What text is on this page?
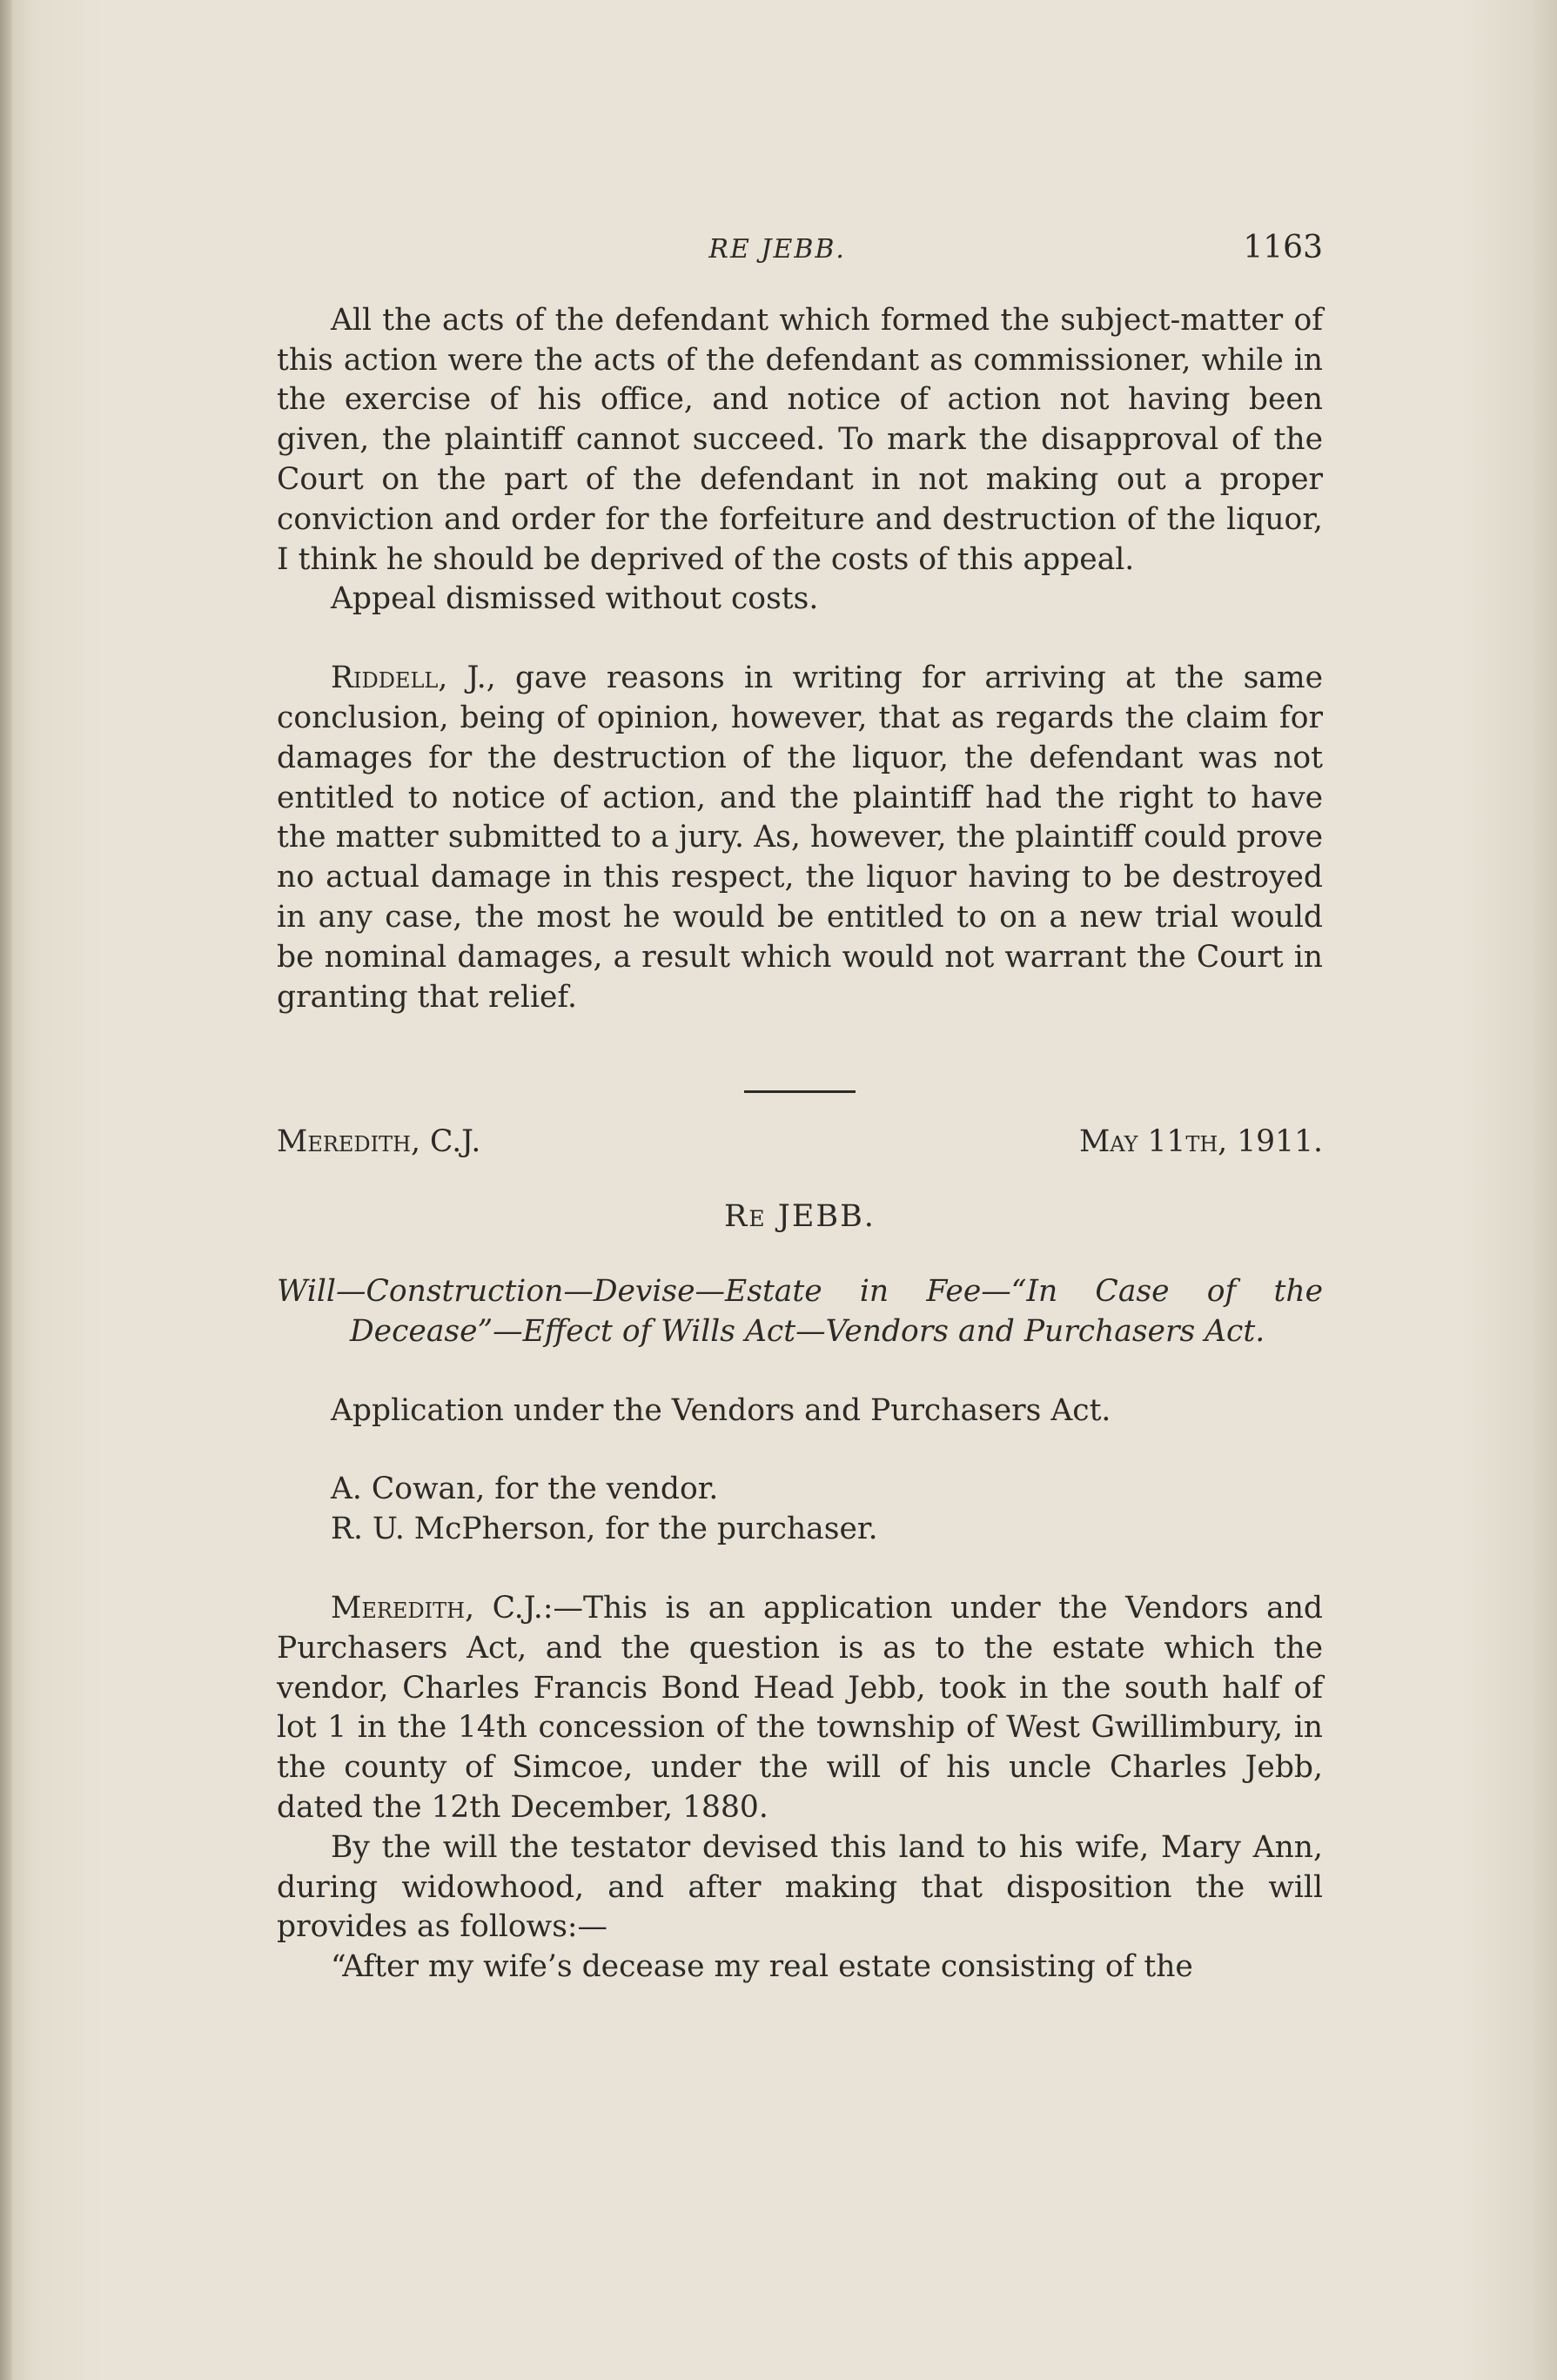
RE JEBB.	1163

All the acts of the defendant which formed the subject-matter of this action were the acts of the defendant as commissioner, while in the exercise of his office, and notice of action not having been given, the plaintiff cannot succeed. To mark the disapproval of the Court on the part of the defendant in not making out a proper conviction and order for the forfeiture and destruction of the liquor, I think he should be deprived of the costs of this appeal.

Appeal dismissed without costs.

Riddell, J., gave reasons in writing for arriving at the same conclusion, being of opinion, however, that as regards the claim for damages for the destruction of the liquor, the defendant was not entitled to notice of action, and the plaintiff had the right to have the matter submitted to a jury. As, however, the plaintiff could prove no actual damage in this respect, the liquor having to be destroyed in any case, the most he would be entitled to on a new trial would be nominal damages, a result which would not warrant the Court in granting that relief.

Meredith, C.J.	May 11th, 1911.
Re JEBB.

Will—Construction—Devise—Estate in Fee—“In Case of the Decease”—Effect of Wills Act—Vendors and Purchasers Act.

Application under the Vendors and Purchasers Act.

A. Cowan, for the vendor.
R. U. McPherson, for the purchaser.

Meredith, C.J.:—This is an application under the Vendors and Purchasers Act, and the question is as to the estate which the vendor, Charles Francis Bond Head Jebb, took in the south half of lot 1 in the 14th concession of the township of West Gwillimbury, in the county of Simcoe, under the will of his uncle Charles Jebb, dated the 12th December, 1880.

By the will the testator devised this land to his wife, Mary Ann, during widowhood, and after making that disposition the will provides as follows:—

“After my wife’s decease my real estate consisting of the
